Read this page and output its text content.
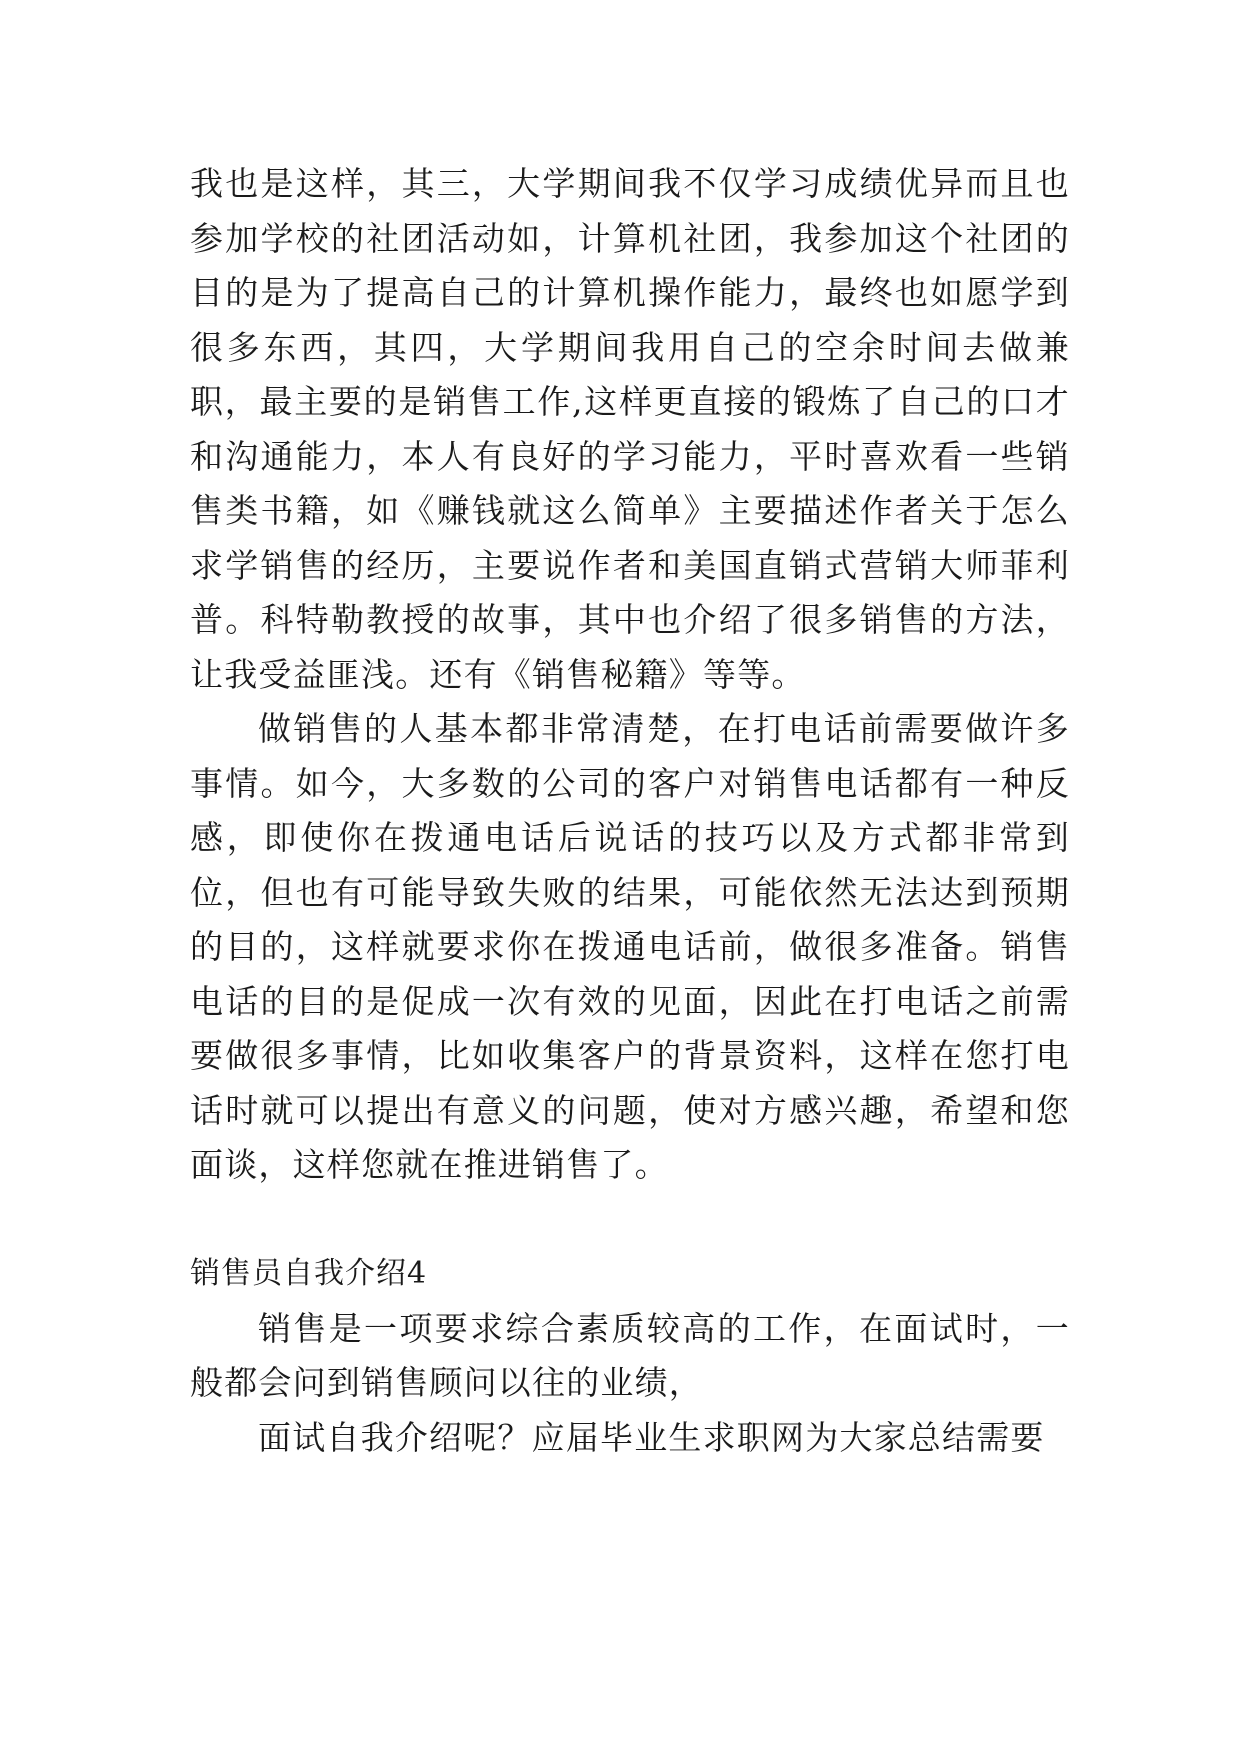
我也是这样，其三，大学期间我不仅学习成绩优异而且也参加学校的社团活动如，计算机社团，我参加这个社团的目的是为了提高自己的计算机操作能力，最终也如愿学到很多东西，其四，大学期间我用自己的空余时间去做兼职，最主要的是销售工作,这样更直接的锻炼了自己的口才和沟通能力，本人有良好的学习能力，平时喜欢看一些销售类书籍，如《赚钱就这么简单》主要描述作者关于怎么求学销售的经历，主要说作者和美国直销式营销大师菲利普。科特勒教授的故事，其中也介绍了很多销售的方法，让我受益匪浅。还有《销售秘籍》等等。

做销售的人基本都非常清楚，在打电话前需要做许多事情。如今，大多数的公司的客户对销售电话都有一种反感，即使你在拨通电话后说话的技巧以及方式都非常到位，但也有可能导致失败的结果，可能依然无法达到预期的目的，这样就要求你在拨通电话前，做很多准备。销售电话的目的是促成一次有效的见面，因此在打电话之前需要做很多事情，比如收集客户的背景资料，这样在您打电话时就可以提出有意义的问题，使对方感兴趣，希望和您面谈，这样您就在推进销售了。

销售员自我介绍4

销售是一项要求综合素质较高的工作，在面试时，一般都会问到销售顾问以往的业绩，

面试自我介绍呢？应届毕业生求职网为大家总结需要
